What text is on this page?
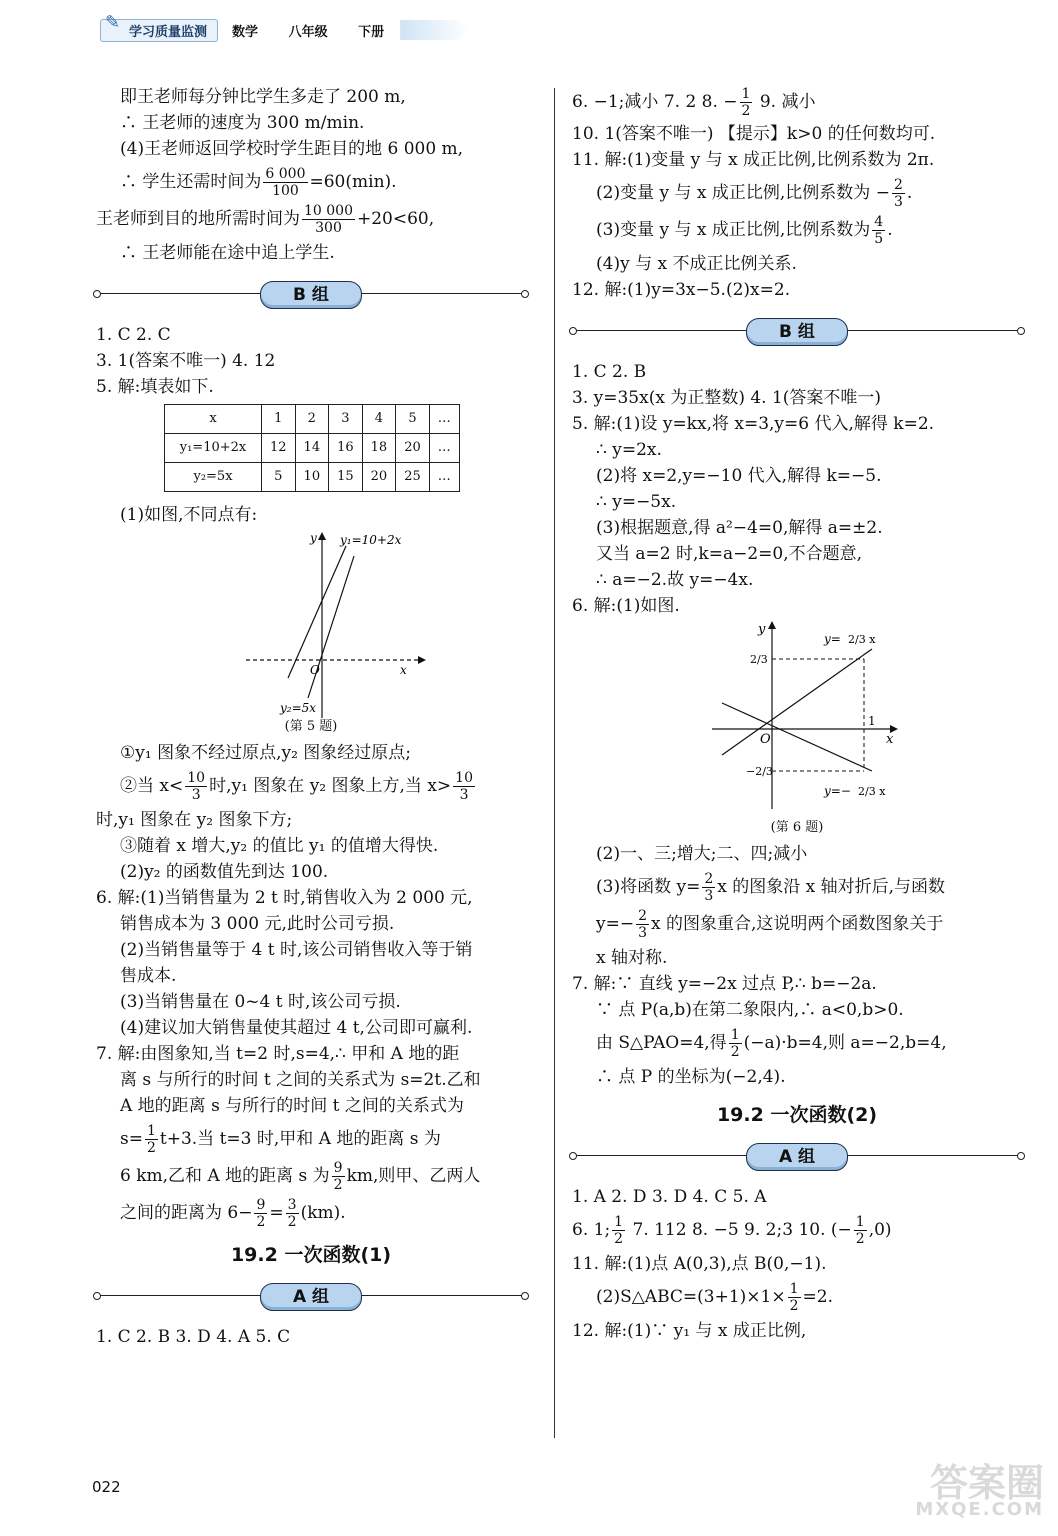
✎ 学习质量监测	数学 八年级 下册
即王老师每分钟比学生多走了 200 m,
∴ 王老师的速度为 300 m/min.
(4)王老师返回学校时学生距目的地 6 000 m,
∴ 学生还需时间为 $\frac{6 000}{100} =60(\min)$.
王老师到目的地所需时间为 $\frac{10 000}{300} +20<60$,
∴ 王老师能在途中追上学生.
B 组
1. C 2. C
3. 1(答案不唯一) 4. 12
5. 解:填表如下.
x	1	2	3	4	5	…
y₁=10+2x	12	14	16	18	20	…
y₂=5x	5	10	15	20	25	…
(1)如图,不同点有:
y₁=10+2x
y₂=5x
O	x
y
(第 5 题)
①y₁ 图象不经过原点,y₂ 图象经过原点;
②当 $x< \frac{10}{3}$ 时,y₁ 图象在 y₂ 图象上方,当 $x> \frac{10}{3}$
时,y₁ 图象在 y₂ 图象下方;
③随着 x 增大,y₂ 的值比 y₁ 的值增大得快.
(2)y₂ 的函数值先到达 100.
6. 解:(1)当销售量为 2 t 时,销售收入为 2 000 元,
销售成本为 3 000 元,此时公司亏损.
(2)当销售量等于 4 t 时,该公司销售收入等于销
售成本.
(3)当销售量在 0~4 t 时,该公司亏损.
(4)建议加大销售量使其超过 4 t,公司即可赢利.
7. 解:由图象知,当 t=2 时,s=4,∴ 甲和 A 地的距
离 s 与所行的时间 t 之间的关系式为 s=2t.乙和
A 地的距离 s 与所行的时间 t 之间的关系式为
$s= \frac{1}{2} t+3$.当 t=3 时,甲和 A 地的距离 s 为
6 km,乙和 A 地的距离 s 为 $\frac{9}{2}$ km,则甲、乙两人
之间的距离为 $6- \frac{9}{2} = \frac{3}{2} (km)$.
19.2 一次函数(1)
A 组
1. C 2. B 3. D 4. A 5. C
6. −1;减小 7. 2 8. − $\frac{1}{2} 9$. 减小
10. 1(答案不唯一) 【提示】k>0 的任何数均可.
11. 解:(1)变量 y 与 x 成正比例,比例系数为 2π.
(2)变量 y 与 x 成正比例,比例系数为 − $\frac{2}{3}$ .
(3)变量 y 与 x 成正比例,比例系数为 $\frac{4}{5}$ .
(4)y 与 x 不成正比例关系.
12. 解:(1)y=3x−5.(2)x=2.
B 组
1. C 2. B
3. y=35x(x 为正整数) 4. 1(答案不唯一)
5. 解:(1)设 y=kx,将 x=3,y=6 代入,解得 k=2.
∴ y=2x.
(2)将 x=2,y=−10 代入,解得 k=−5.
∴ y=−5x.
(3)根据题意,得 a²−4=0,解得 a=±2.
又当 a=2 时,k=a−2=0,不合题意,
∴ a=−2.故 y=−4x.
6. 解:(1)如图.
y
x
O
1
2/3
−2/3
y= 2/3 x
y=− 2/3 x
(第 6 题)
(2)一、三;增大;二、四;减小
(3)将函数 $y= \frac{2}{3}$ x 的图象沿 x 轴对折后,与函数
$y=- \frac{2}{3}$ x 的图象重合,这说明两个函数图象关于
x 轴对称.
7. 解:∵ 直线 y=−2x 过点 P,∴ b=−2a.
∵ 点 P(a,b)在第二象限内,∴ a<0,b>0.
由 S△PAO=4,得 $\frac{1}{2} (-a)\cdot b=4$,则 a=−2,b=4,
∴ 点 P 的坐标为(−2,4).
19.2 一次函数(2)
A 组
1. A 2. D 3. D 4. C 5. A
6. 1; $\frac{1}{2} 7$. 112 8. −5 9. 2;3 10. (− $\frac{1}{2} ,0$)
11. 解:(1)点 A(0,3),点 B(0,−1).
(2)S△ABC=(3+1)×1× $\frac{1}{2} =2$.
12. 解:(1)∵ y₁ 与 x 成正比例,
022	答案圈
MXQE.COM
